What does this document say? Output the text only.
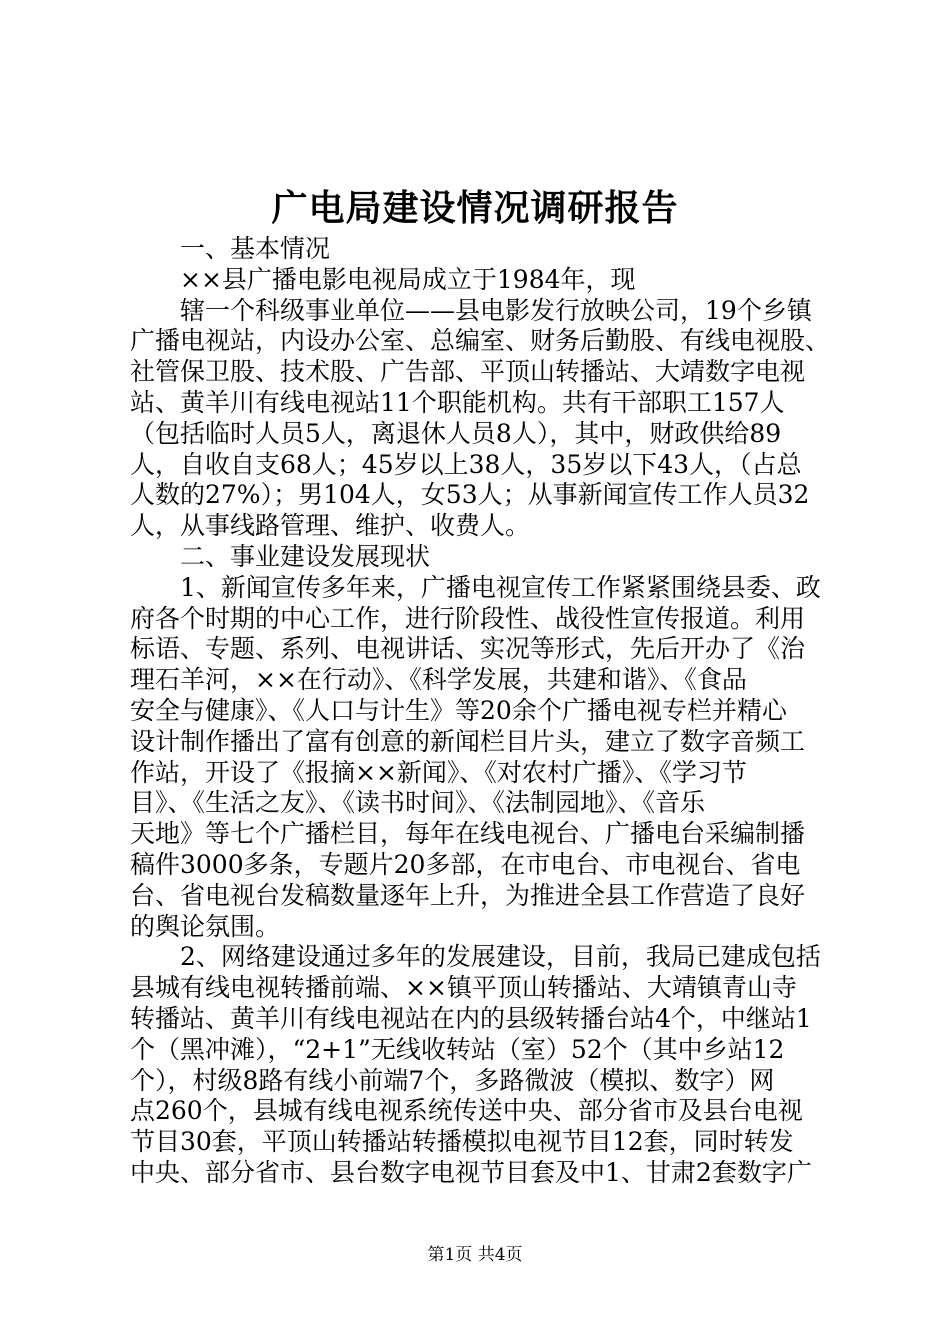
广电局建设情况调研报告
一、基本情况
××县广播电影电视局成立于1984年，现
辖一个科级事业单位——县电影发行放映公司，19个乡镇
广播电视站，内设办公室、总编室、财务后勤股、有线电视股、
社管保卫股、技术股、广告部、平顶山转播站、大靖数字电视
站、黄羊川有线电视站11个职能机构。共有干部职工157人
（包括临时人员5人，离退休人员8人），其中，财政供给89
人，自收自支68人；45岁以上38人，35岁以下43人，（占总
人数的27%）；男104人，女53人；从事新闻宣传工作人员32
人，从事线路管理、维护、收费人。
二、事业建设发展现状
1、新闻宣传多年来，广播电视宣传工作紧紧围绕县委、政
府各个时期的中心工作，进行阶段性、战役性宣传报道。利用
标语、专题、系列、电视讲话、实况等形式，先后开办了《治
理石羊河，××在行动》、《科学发展，共建和谐》、《食品
安全与健康》、《人口与计生》等20余个广播电视专栏并精心
设计制作播出了富有创意的新闻栏目片头，建立了数字音频工
作站，开设了《报摘××新闻》、《对农村广播》、《学习节
目》、《生活之友》、《读书时间》、《法制园地》、《音乐
天地》等七个广播栏目，每年在线电视台、广播电台采编制播
稿件3000多条，专题片20多部，在市电台、市电视台、省电
台、省电视台发稿数量逐年上升，为推进全县工作营造了良好
的舆论氛围。
2、网络建设通过多年的发展建设，目前，我局已建成包括
县城有线电视转播前端、××镇平顶山转播站、大靖镇青山寺
转播站、黄羊川有线电视站在内的县级转播台站4个，中继站1
个（黑冲滩），“2+1”无线收转站（室）52个（其中乡站12
个），村级8路有线小前端7个，多路微波（模拟、数字）网
点260个，县城有线电视系统传送中央、部分省市及县台电视
节目30套，平顶山转播站转播模拟电视节目12套，同时转发
中央、部分省市、县台数字电视节目套及中1、甘肃2套数字广
第1页 共4页
